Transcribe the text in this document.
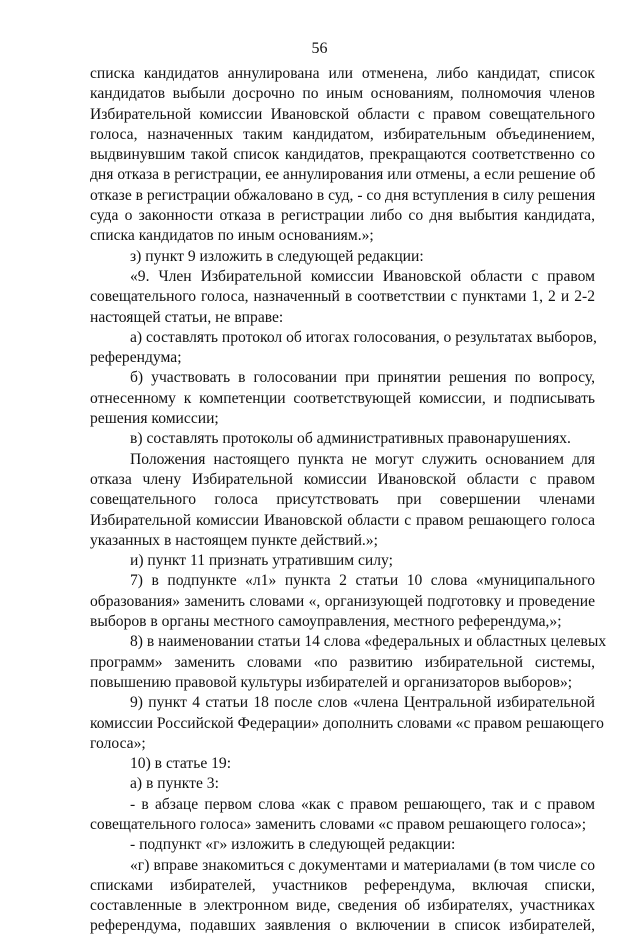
56
списка кандидатов аннулирована или отменена, либо кандидат, список
кандидатов выбыли досрочно по иным основаниям, полномочия членов
Избирательной комиссии Ивановской области с правом совещательного
голоса, назначенных таким кандидатом, избирательным объединением,
выдвинувшим такой список кандидатов, прекращаются соответственно со
дня отказа в регистрации, ее аннулирования или отмены, а если решение об
отказе в регистрации обжаловано в суд, - со дня вступления в силу решения
суда о законности отказа в регистрации либо со дня выбытия кандидата,
списка кандидатов по иным основаниям.»;
з) пункт 9 изложить в следующей редакции:
«9. Член Избирательной комиссии Ивановской области с правом
совещательного голоса, назначенный в соответствии с пунктами 1, 2 и 2-2
настоящей статьи, не вправе:
а) составлять протокол об итогах голосования, о результатах выборов,
референдума;
б) участвовать в голосовании при принятии решения по вопросу,
отнесенному к компетенции соответствующей комиссии, и подписывать
решения комиссии;
в) составлять протоколы об административных правонарушениях.
Положения настоящего пункта не могут служить основанием для
отказа члену Избирательной комиссии Ивановской области с правом
совещательного голоса присутствовать при совершении членами
Избирательной комиссии Ивановской области с правом решающего голоса
указанных в настоящем пункте действий.»;
и) пункт 11 признать утратившим силу;
7) в подпункте «л1» пункта 2 статьи 10 слова «муниципального
образования» заменить словами «, организующей подготовку и проведение
выборов в органы местного самоуправления, местного референдума,»;
8) в наименовании статьи 14 слова «федеральных и областных целевых
программ» заменить словами «по развитию избирательной системы,
повышению правовой культуры избирателей и организаторов выборов»;
9) пункт 4 статьи 18 после слов «члена Центральной избирательной
комиссии Российской Федерации» дополнить словами «с правом решающего
голоса»;
10) в статье 19:
а) в пункте 3:
- в абзаце первом слова «как с правом решающего, так и с правом
совещательного голоса» заменить словами «с правом решающего голоса»;
- подпункт «г» изложить в следующей редакции:
«г) вправе знакомиться с документами и материалами (в том числе со
списками избирателей, участников референдума, включая списки,
составленные в электронном виде, сведения об избирателях, участниках
референдума, подавших заявления о включении в список избирателей,
